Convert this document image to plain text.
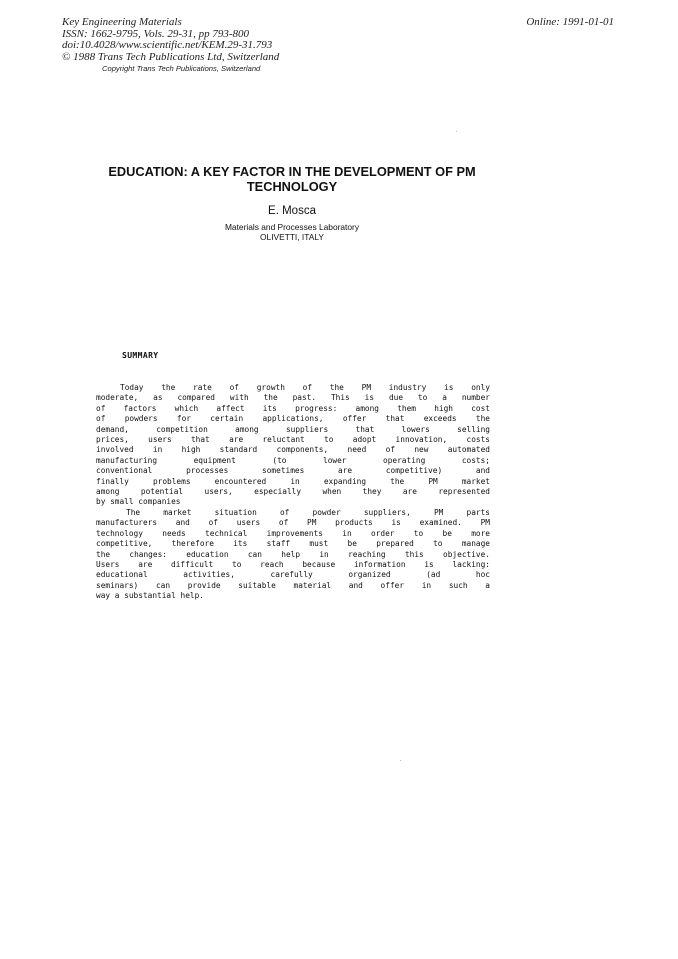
Key Engineering Materials
ISSN: 1662-9795, Vols. 29-31, pp 793-800
doi:10.4028/www.scientific.net/KEM.29-31.793
© 1988 Trans Tech Publications Ltd, Switzerland
Online: 1991-01-01
Copyright Trans Tech Publications, Switzerland
EDUCATION: A KEY FACTOR IN THE DEVELOPMENT OF PM
TECHNOLOGY
E. Mosca
Materials and Processes Laboratory
OLIVETTI, ITALY
SUMMARY
Today the rate of growth of the PM industry is only
moderate, as compared with the past. This is due to a number
of factors which affect its progress: among them high cost
of powders for certain applications, offer that exceeds the
demand, competition among suppliers that lowers selling
prices, users that are reluctant to adopt innovation, costs
involved in high standard components, need of new automated
manufacturing equipment (to lower operating costs;
conventional processes sometimes are competitive) and
finally problems encountered in expanding the PM market
among potential users, especially when they are represented
by small companies
The market situation of powder suppliers, PM parts
manufacturers and of users of PM products is examined. PM
technology needs technical improvements in order to be more
competitive, therefore its staff must be prepared to manage
the changes: education can help in reaching this objective.
Users are difficult to reach because information is lacking:
educational activities, carefully organized (ad hoc
seminars) can provide suitable material and offer in such a
way a substantial help.
